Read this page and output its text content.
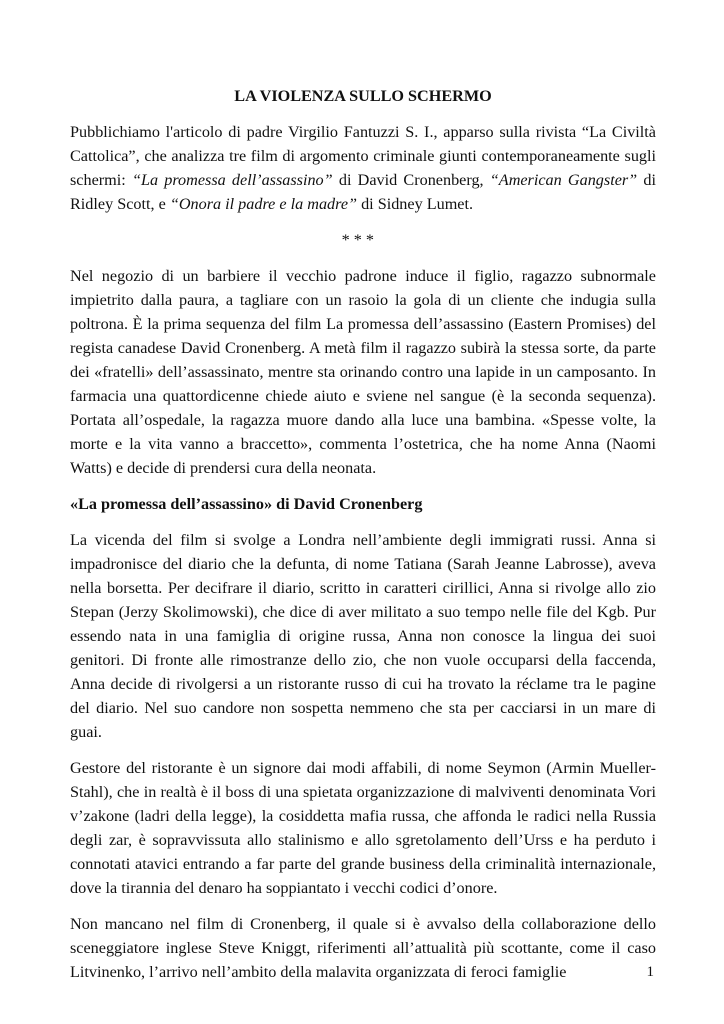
LA VIOLENZA SULLO SCHERMO

Pubblichiamo l'articolo di padre Virgilio Fantuzzi S. I., apparso sulla rivista “La Civiltà Cattolica”, che analizza tre film di argomento criminale giunti contemporaneamente sugli schermi: “La promessa dell’assassino” di David Cronenberg, “American Gangster” di Ridley Scott, e “Onora il padre e la madre” di Sidney Lumet.

* * *

Nel negozio di un barbiere il vecchio padrone induce il figlio, ragazzo subnormale impietrito dalla paura, a tagliare con un rasoio la gola di un cliente che indugia sulla poltrona. È la prima sequenza del film La promessa dell’assassino (Eastern Promises) del regista canadese David Cronenberg. A metà film il ragazzo subirà la stessa sorte, da parte dei «fratelli» dell’assassinato, mentre sta orinando contro una lapide in un camposanto. In farmacia una quattordicenne chiede aiuto e sviene nel sangue (è la seconda sequenza). Portata all’ospedale, la ragazza muore dando alla luce una bambina. «Spesse volte, la morte e la vita vanno a braccetto», commenta l’ostetrica, che ha nome Anna (Naomi Watts) e decide di prendersi cura della neonata.

«La promessa dell’assassino» di David Cronenberg

La vicenda del film si svolge a Londra nell’ambiente degli immigrati russi. Anna si impadronisce del diario che la defunta, di nome Tatiana (Sarah Jeanne Labrosse), aveva nella borsetta. Per decifrare il diario, scritto in caratteri cirillici, Anna si rivolge allo zio Stepan (Jerzy Skolimowski), che dice di aver militato a suo tempo nelle file del Kgb. Pur essendo nata in una famiglia di origine russa, Anna non conosce la lingua dei suoi genitori. Di fronte alle rimostranze dello zio, che non vuole occuparsi della faccenda, Anna decide di rivolgersi a un ristorante russo di cui ha trovato la réclame tra le pagine del diario. Nel suo candore non sospetta nemmeno che sta per cacciarsi in un mare di guai.

Gestore del ristorante è un signore dai modi affabili, di nome Seymon (Armin Mueller-Stahl), che in realtà è il boss di una spietata organizzazione di malviventi denominata Vori v’zakone (ladri della legge), la cosiddetta mafia russa, che affonda le radici nella Russia degli zar, è sopravvissuta allo stalinismo e allo sgretolamento dell’Urss e ha perduto i connotati atavici entrando a far parte del grande business della criminalità internazionale, dove la tirannia del denaro ha soppiantato i vecchi codici d’onore.

Non mancano nel film di Cronenberg, il quale si è avvalso della collaborazione dello sceneggiatore inglese Steve Kniggt, riferimenti all’attualità più scottante, come il caso Litvinenko, l’arrivo nell’ambito della malavita organizzata di feroci famiglie	1
